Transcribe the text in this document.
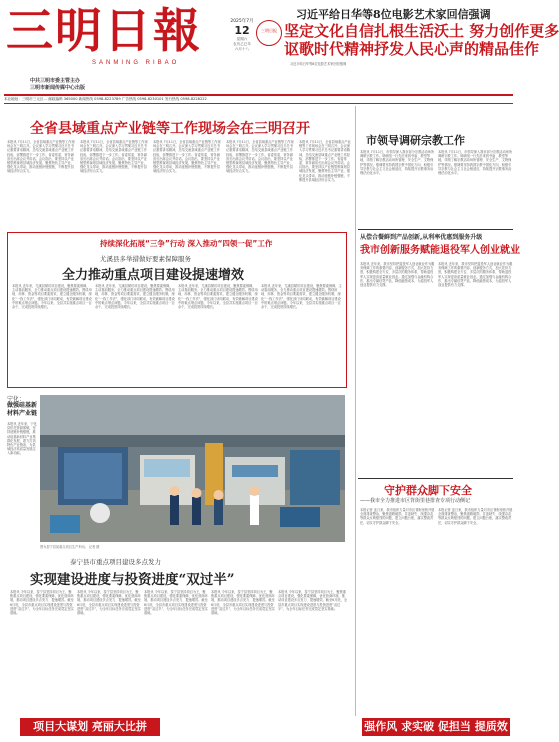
三明日報
SANMING RIBAO
中共三明市委主管主办
三明市新闻传媒中心出版
2025年7月
12
星期六
农历乙巳年
六月十八
三明日报
习近平给日华等8位电影艺术家回信强调
坚定文化自信扎根生活沃土 努力创作更多
讴歌时代精神抒发人民心声的精品佳作
习近平给日华等8位电影艺术家回信强调
本社地址：三明市三元区… 邮政编码 365000 新闻热线 0598-8223789 广告热线 0598-8230101 发行热线 0598-8228222
全省县域重点产业链等工作现场会在三明召开
本报讯 7月11日，全省县域重点产业链等工作现场会在三明召开。会议深入学习贯彻习近平总书记重要讲话精神，总结交流县域重点产业链工作经验，部署推进下一步工作。省委常委、常务副省长出席会议并讲话。会议指出，要坚持以产业链思维谋划县域经济发展，聚焦特色主导产业，强化龙头带动，推动延链补链强链，不断提升县域经济综合实力。
本报讯 7月11日，全省县域重点产业链等工作现场会在三明召开。会议深入学习贯彻习近平总书记重要讲话精神，总结交流县域重点产业链工作经验，部署推进下一步工作。省委常委、常务副省长出席会议并讲话。会议指出，要坚持以产业链思维谋划县域经济发展，聚焦特色主导产业，强化龙头带动，推动延链补链强链，不断提升县域经济综合实力。
本报讯 7月11日，全省县域重点产业链等工作现场会在三明召开。会议深入学习贯彻习近平总书记重要讲话精神，总结交流县域重点产业链工作经验，部署推进下一步工作。省委常委、常务副省长出席会议并讲话。会议指出，要坚持以产业链思维谋划县域经济发展，聚焦特色主导产业，强化龙头带动，推动延链补链强链，不断提升县域经济综合实力。
本报讯 7月11日，全省县域重点产业链等工作现场会在三明召开。会议深入学习贯彻习近平总书记重要讲话精神，总结交流县域重点产业链工作经验，部署推进下一步工作。省委常委、常务副省长出席会议并讲话。会议指出，要坚持以产业链思维谋划县域经济发展，聚焦特色主导产业，强化龙头带动，推动延链补链强链，不断提升县域经济综合实力。
本报讯 7月11日，全省县域重点产业链等工作现场会在三明召开。会议深入学习贯彻习近平总书记重要讲话精神，总结交流县域重点产业链工作经验，部署推进下一步工作。省委常委、常务副省长出席会议并讲话。会议指出，要坚持以产业链思维谋划县域经济发展，聚焦特色主导产业，强化龙头带动，推动延链补链强链，不断提升县域经济综合实力。
市领导调研宗教工作
本报讯 7月11日，市领导深入我市部分宗教活动场所调研宗教工作。调研组一行先后来到寺庙、教堂等地，详细了解宗教活动场所管理、安全生产、文物保护等情况。强调要坚持我国宗教中国化方向，积极引导宗教与社会主义社会相适应，持续提升宗教事务治理法治化水平。
本报讯 7月11日，市领导深入我市部分宗教活动场所调研宗教工作。调研组一行先后来到寺庙、教堂等地，详细了解宗教活动场所管理、安全生产、文物保护等情况。强调要坚持我国宗教中国化方向，积极引导宗教与社会主义社会相适应，持续提升宗教事务治理法治化水平。
从偿合餐鲜到产品创新,从利率优惠到服务升级
我市创新服务赋能退役军人创业就业
本报讯 近年来，我市坚持把退役军人创业就业作为服务保障工作的重要内容，创新服务方式，加大扶持力度，积极构建全方位、多层次的服务体系，帮助退役军人实现更高质量就业创业。通过加强与金融机构合作，推出专属信贷产品，降低融资成本，为退役军人创业提供有力支撑。
本报讯 近年来，我市坚持把退役军人创业就业作为服务保障工作的重要内容，创新服务方式，加大扶持力度，积极构建全方位、多层次的服务体系，帮助退役军人实现更高质量就业创业。通过加强与金融机构合作，推出专属信贷产品，降低融资成本，为退役军人创业提供有力支撑。
守护群众脚下安全
——我市全力推进市区背街里巷排查专项行动侧记
本报记者 连日来，我市组织力量对市区背街里巷开展全面排查整治，聚焦道路破损、井盖缺失、线缆杂乱等群众反映强烈的问题，建立问题台账，落实整改责任，切实守护群众脚下安全。
本报记者 连日来，我市组织力量对市区背街里巷开展全面排查整治，聚焦道路破损、井盖缺失、线缆杂乱等群众反映强烈的问题，建立问题台账，落实整改责任，切实守护群众脚下安全。
持续深化拓展“三争”行动 深入推动“四领一促”工作
尤溪县多举措做好要素保障服务
全力推动重点项目建设提速增效
本报讯 近年来，尤溪县紧盯项目建设，聚焦要素保障，主动靠前服务，全力推动重点项目建设提速增效。围绕用地、用林、资金等项目要素需求，建立健全服务机制，深化“一线工作法”，强化部门协同联动，有效破解项目建设中的难点堵点问题。今年以来，全县共实施重点项目一百余个，完成投资持续增长。
本报讯 近年来，尤溪县紧盯项目建设，聚焦要素保障，主动靠前服务，全力推动重点项目建设提速增效。围绕用地、用林、资金等项目要素需求，建立健全服务机制，深化“一线工作法”，强化部门协同联动，有效破解项目建设中的难点堵点问题。今年以来，全县共实施重点项目一百余个，完成投资持续增长。
本报讯 近年来，尤溪县紧盯项目建设，聚焦要素保障，主动靠前服务，全力推动重点项目建设提速增效。围绕用地、用林、资金等项目要素需求，建立健全服务机制，深化“一线工作法”，强化部门协同联动，有效破解项目建设中的难点堵点问题。今年以来，全县共实施重点项目一百余个，完成投资持续增长。
本报讯 近年来，尤溪县紧盯项目建设，聚焦要素保障，主动靠前服务，全力推动重点项目建设提速增效。围绕用地、用林、资金等项目要素需求，建立健全服务机制，深化“一线工作法”，强化部门协同联动，有效破解项目建设中的难点堵点问题。今年以来，全县共实施重点项目一百余个，完成投资持续增长。
宁化：
做强硅基新材料产业链
本报讯 近年来，宁化县依托资源禀赋，坚持延链补链强链，推动硅基新材料产业集群化发展，着力打造特色产业链条，为县域经济高质量发展注入新动能。
图为泰宁县某重点项目生产车间。 记者 摄
泰宁县市重点项目建设多点发力
实现建设进度与投资进度“双过半”
本报讯 今年以来，泰宁县坚持项目为王，聚焦重点项目建设，强化要素保障，优化营商环境，推动项目建设多点发力、提速增效。截至6月底，全县市重点项目实现建设进度与投资进度“双过半”，为全年目标任务完成奠定坚实基础。
本报讯 今年以来，泰宁县坚持项目为王，聚焦重点项目建设，强化要素保障，优化营商环境，推动项目建设多点发力、提速增效。截至6月底，全县市重点项目实现建设进度与投资进度“双过半”，为全年目标任务完成奠定坚实基础。
本报讯 今年以来，泰宁县坚持项目为王，聚焦重点项目建设，强化要素保障，优化营商环境，推动项目建设多点发力、提速增效。截至6月底，全县市重点项目实现建设进度与投资进度“双过半”，为全年目标任务完成奠定坚实基础。
本报讯 今年以来，泰宁县坚持项目为王，聚焦重点项目建设，强化要素保障，优化营商环境，推动项目建设多点发力、提速增效。截至6月底，全县市重点项目实现建设进度与投资进度“双过半”，为全年目标任务完成奠定坚实基础。
本报讯 今年以来，泰宁县坚持项目为王，聚焦重点项目建设，强化要素保障，优化营商环境，推动项目建设多点发力、提速增效。截至6月底，全县市重点项目实现建设进度与投资进度“双过半”，为全年目标任务完成奠定坚实基础。
项目大谋划 亮丽大比拼	强作风 求实破 促担当 提质效
